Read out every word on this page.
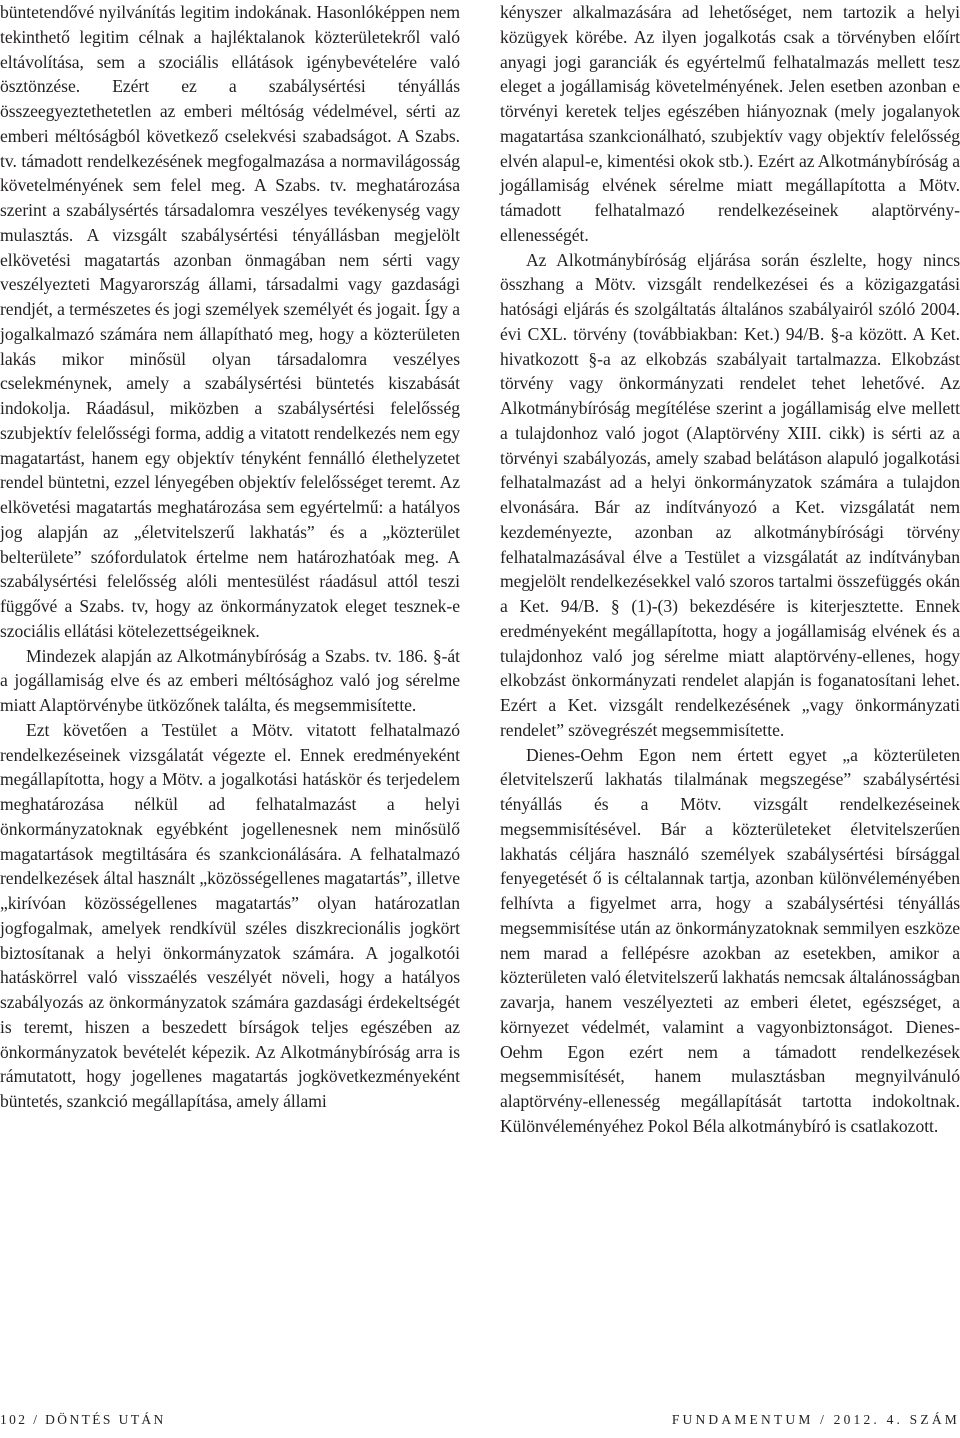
büntetendővé nyilvánítás legitim indokának. Hasonlóképpen nem tekinthető legitim célnak a hajléktalanok közterületekről való eltávolítása, sem a szociális ellátások igénybevételére való ösztönzése. Ezért ez a szabálysértési tényállás összeegyeztethetetlen az emberi méltóság védelmével, sérti az emberi méltóságból következő cselekvési szabadságot. A Szabs. tv. támadott rendelkezésének megfogalmazása a normavilágosság követelményének sem felel meg. A Szabs. tv. meghatározása szerint a szabálysértés társadalomra veszélyes tevékenység vagy mulasztás. A vizsgált szabálysértési tényállásban megjelölt elkövetési magatartás azonban önmagában nem sérti vagy veszélyezteti Magyarország állami, társadalmi vagy gazdasági rendjét, a természetes és jogi személyek személyét és jogait. Így a jogalkalmazó számára nem állapítható meg, hogy a közterületen lakás mikor minősül olyan társadalomra veszélyes cselekménynek, amely a szabálysértési büntetés kiszabását indokolja. Ráadásul, miközben a szabálysértési felelősség szubjektív felelősségi forma, addig a vitatott rendelkezés nem egy magatartást, hanem egy objektív tényként fennálló élethelyzetet rendel büntetni, ezzel lényegében objektív felelősséget teremt. Az elkövetési magatartás meghatározása sem egyértelmű: a hatályos jog alapján az „életvitelszerű lakhatás” és a „közterület belterülete” szófordulatok értelme nem határozhatóak meg. A szabálysértési felelősség alóli mentesülést ráadásul attól teszi függővé a Szabs. tv, hogy az önkormányzatok eleget tesznek-e szociális ellátási kötelezettségeiknek.

Mindezek alapján az Alkotmánybíróság a Szabs. tv. 186. §-át a jogállamiság elve és az emberi méltósághoz való jog sérelme miatt Alaptörvénybe ütközőnek találta, és megsemmisítette.

Ezt követően a Testület a Mötv. vitatott felhatalmazó rendelkezéseinek vizsgálatát végezte el. Ennek eredményeként megállapította, hogy a Mötv. a jogalkotási hatáskör és terjedelem meghatározása nélkül ad felhatalmazást a helyi önkormányzatoknak egyébként jogellenesnek nem minősülő magatartások megtiltására és szankcionálására. A felhatalmazó rendelkezések által használt „közösségellenes magatartás”, illetve „kirívóan közösségellenes magatartás” olyan határozatlan jogfogalmak, amelyek rendkívül széles diszkrecionális jogkört biztosítanak a helyi önkormányzatok számára. A jogalkotói hatáskörrel való visszaélés veszélyét növeli, hogy a hatályos szabályozás az önkormányzatok számára gazdasági érdekeltségét is teremt, hiszen a beszedett bírságok teljes egészében az önkormányzatok bevételét képezik. Az Alkotmánybíróság arra is rámutatott, hogy jogellenes magatartás jogkövetkezményeként büntetés, szankció megállapítása, amely állami

kényszer alkalmazására ad lehetőséget, nem tartozik a helyi közügyek körébe. Az ilyen jogalkotás csak a törvényben előírt anyagi jogi garanciák és egyértelmű felhatalmazás mellett tesz eleget a jogállamiság követelményének. Jelen esetben azonban e törvényi keretek teljes egészében hiányoznak (mely jogalanyok magatartása szankcionálható, szubjektív vagy objektív felelősség elvén alapul-e, kimentési okok stb.). Ezért az Alkotmánybíróság a jogállamiság elvének sérelme miatt megállapította a Mötv. támadott felhatalmazó rendelkezéseinek alaptörvény-ellenességét.

Az Alkotmánybíróság eljárása során észlelte, hogy nincs összhang a Mötv. vizsgált rendelkezései és a közigazgatási hatósági eljárás és szolgáltatás általános szabályairól szóló 2004. évi CXL. törvény (továbbiakban: Ket.) 94/B. §-a között. A Ket. hivatkozott §-a az elkobzás szabályait tartalmazza. Elkobzást törvény vagy önkormányzati rendelet tehet lehetővé. Az Alkotmánybíróság megítélése szerint a jogállamiság elve mellett a tulajdonhoz való jogot (Alaptörvény XIII. cikk) is sérti az a törvényi szabályozás, amely szabad belátáson alapuló jogalkotási felhatalmazást ad a helyi önkormányzatok számára a tulajdon elvonására. Bár az indítványozó a Ket. vizsgálatát nem kezdeményezte, azonban az alkotmánybírósági törvény felhatalmazásával élve a Testület a vizsgálatát az indítványban megjelölt rendelkezésekkel való szoros tartalmi összefüggés okán a Ket. 94/B. § (1)-(3) bekezdésére is kiterjesztette. Ennek eredményeként megállapította, hogy a jogállamiság elvének és a tulajdonhoz való jog sérelme miatt alaptörvény-ellenes, hogy elkobzást önkormányzati rendelet alapján is foganatosítani lehet. Ezért a Ket. vizsgált rendelkezésének „vagy önkormányzati rendelet” szövegrészét megsemmisítette.

Dienes-Oehm Egon nem értett egyet „a közterületen életvitelszerű lakhatás tilalmának megszegése” szabálysértési tényállás és a Mötv. vizsgált rendelkezéseinek megsemmisítésével. Bár a közterületeket életvitelszerűen lakhatás céljára használó személyek szabálysértési bírsággal fenyegetését ő is céltalannak tartja, azonban különvéleményében felhívta a figyelmet arra, hogy a szabálysértési tényállás megsemmisítése után az önkormányzatoknak semmilyen eszköze nem marad a fellépésre azokban az esetekben, amikor a közterületen való életvitelszerű lakhatás nemcsak általánosságban zavarja, hanem veszélyezteti az emberi életet, egészséget, a környezet védelmét, valamint a vagyonbiztonságot. Dienes-Oehm Egon ezért nem a támadott rendelkezések megsemmisítését, hanem mulasztásban megnyilvánuló alaptörvény-ellenesség megállapítását tartotta indokoltnak. Különvéleményéhez Pokol Béla alkotmánybíró is csatlakozott.

102 / DÖNTÉS UTÁN	FUNDAMENTUM / 2012. 4. SZÁM
